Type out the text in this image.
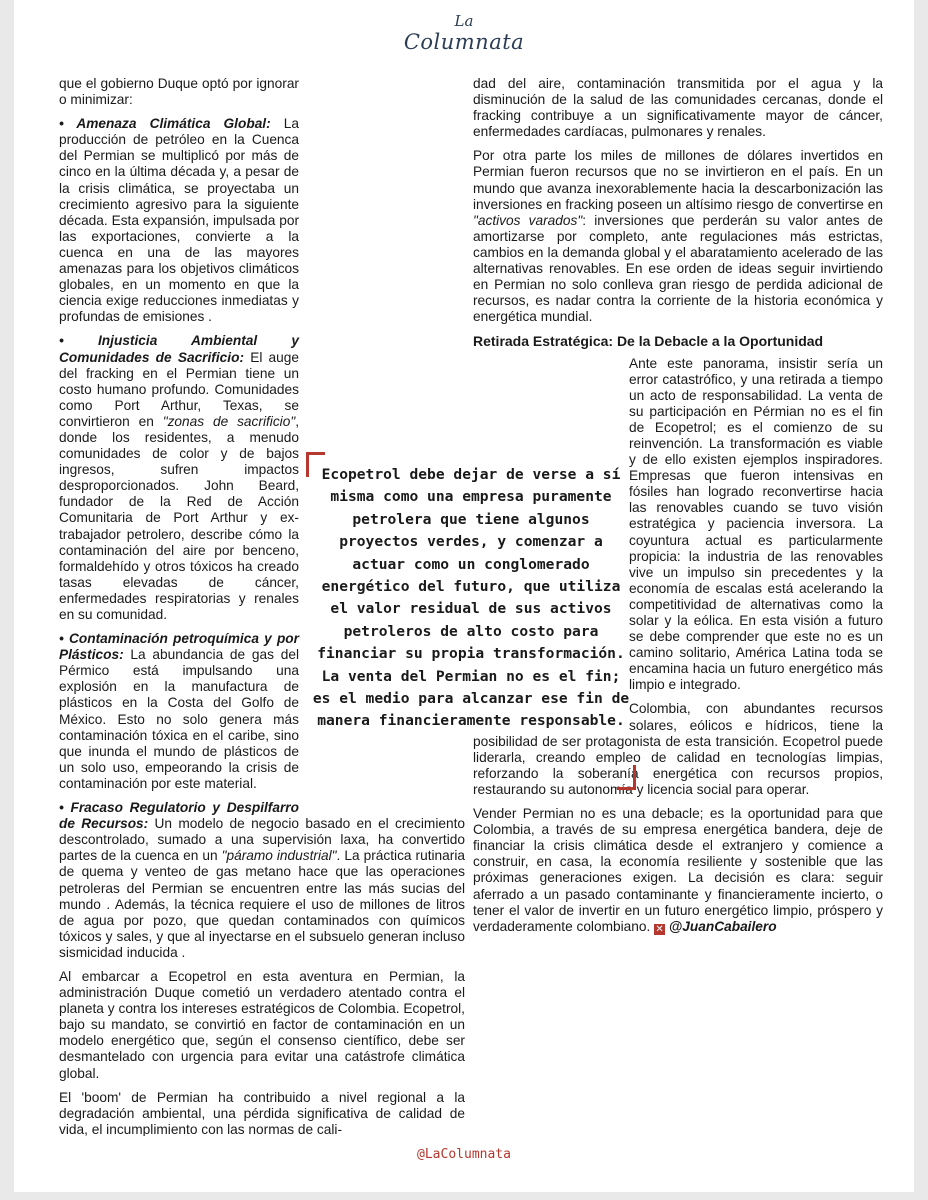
La
Columnata

que el gobierno Duque optó por ignorar o minimizar:

• Amenaza Climática Global: La producción de petróleo en la Cuenca del Permian se multiplicó por más de cinco en la última década y, a pesar de la crisis climática, se proyectaba un crecimiento agresivo para la siguiente década. Esta expansión, impulsada por las exportaciones, convierte a la cuenca en una de las mayores amenazas para los objetivos climáticos globales, en un momento en que la ciencia exige reducciones inmediatas y profundas de emisiones .

• Injusticia Ambiental y Comunidades de Sacrificio: El auge del fracking en el Permian tiene un costo humano profundo. Comunidades como Port Arthur, Texas, se convirtieron en "zonas de sacrificio", donde los residentes, a menudo comunidades de color y de bajos ingresos, sufren impactos desproporcionados. John Beard, fundador de la Red de Acción Comunitaria de Port Arthur y ex-trabajador petrolero, describe cómo la contaminación del aire por benceno, formaldehído y otros tóxicos ha creado tasas elevadas de cáncer, enfermedades respiratorias y renales en su comunidad.

• Contaminación petroquímica y por Plásticos: La abundancia de gas del Pérmico está impulsando una explosión en la manufactura de plásticos en la Costa del Golfo de México. Esto no solo genera más contaminación tóxica en el caribe, sino que inunda el mundo de plásticos de un solo uso, empeorando la crisis de contaminación por este material.

• Fracaso Regulatorio y Despilfarro de Recursos: Un modelo de negocio basado en el crecimiento descontrolado, sumado a una supervisión laxa, ha convertido partes de la cuenca en un "páramo industrial". La práctica rutinaria de quema y venteo de gas metano hace que las operaciones petroleras del Permian se encuentren entre las más sucias del mundo . Además, la técnica requiere el uso de millones de litros de agua por pozo, que quedan contaminados con químicos tóxicos y sales, y que al inyectarse en el subsuelo generan incluso sismicidad inducida .

Al embarcar a Ecopetrol en esta aventura en Permian, la administración Duque cometió un verdadero atentado contra el planeta y contra los intereses estratégicos de Colombia. Ecopetrol, bajo su mandato, se convirtió en factor de contaminación en un modelo energético que, según el consenso científico, debe ser desmantelado con urgencia para evitar una catástrofe climática global.

El 'boom' de Permian ha contribuido a nivel regional a la degradación ambiental, una pérdida significativa de calidad de vida, el incumplimiento con las normas de cali-

dad del aire, contaminación transmitida por el agua y la disminución de la salud de las comunidades cercanas, donde el fracking contribuye a un significativamente mayor de cáncer, enfermedades cardíacas, pulmonares y renales.

Por otra parte los miles de millones de dólares invertidos en Permian fueron recursos que no se invirtieron en el país. En un mundo que avanza inexorablemente hacia la descarbonización las inversiones en fracking poseen un altísimo riesgo de convertirse en "activos varados": inversiones que perderán su valor antes de amortizarse por completo, ante regulaciones más estrictas, cambios en la demanda global y el abaratamiento acelerado de las alternativas renovables. En ese orden de ideas seguir invirtiendo en Permian no solo conlleva gran riesgo de perdida adicional de recursos, es nadar contra la corriente de la historia económica y energética mundial.

Retirada Estratégica: De la Debacle a la Oportunidad

Ante este panorama, insistir sería un error catastrófico, y una retirada a tiempo un acto de responsabilidad. La venta de su participación en Pérmian no es el fin de Ecopetrol; es el comienzo de su reinvención. La transformación es viable y de ello existen ejemplos inspiradores. Empresas que fueron intensivas en fósiles han logrado reconvertirse hacia las renovables cuando se tuvo visión estratégica y paciencia inversora. La coyuntura actual es particularmente propicia: la industria de las renovables vive un impulso sin precedentes y la economía de escalas está acelerando la competitividad de alternativas como la solar y la eólica. En esta visión a futuro se debe comprender que este no es un camino solitario, América Latina toda se encamina hacia un futuro energético más limpio e integrado.

Colombia, con abundantes recursos solares, eólicos e hídricos, tiene la posibilidad de ser protagonista de esta transición. Ecopetrol puede liderarla, creando empleo de calidad en tecnologías limpias, reforzando la soberanía energética con recursos propios, restaurando su autonomía y licencia social para operar.

Vender Permian no es una debacle; es la oportunidad para que Colombia, a través de su empresa energética bandera, deje de financiar la crisis climática desde el extranjero y comience a construir, en casa, la economía resiliente y sostenible que las próximas generaciones exigen. La decisión es clara: seguir aferrado a un pasado contaminante y financieramente incierto, o tener el valor de invertir en un futuro energético limpio, próspero y verdaderamente colombiano. ✕ @JuanCabailero

Ecopetrol debe dejar de verse a sí misma como una empresa puramente petrolera que tiene algunos proyectos verdes, y comenzar a actuar como un conglomerado energético del futuro, que utiliza el valor residual de sus activos petroleros de alto costo para financiar su propia transformación. La venta del Permian no es el fin; es el medio para alcanzar ese fin de manera financieramente responsable.
@LaColumnata
